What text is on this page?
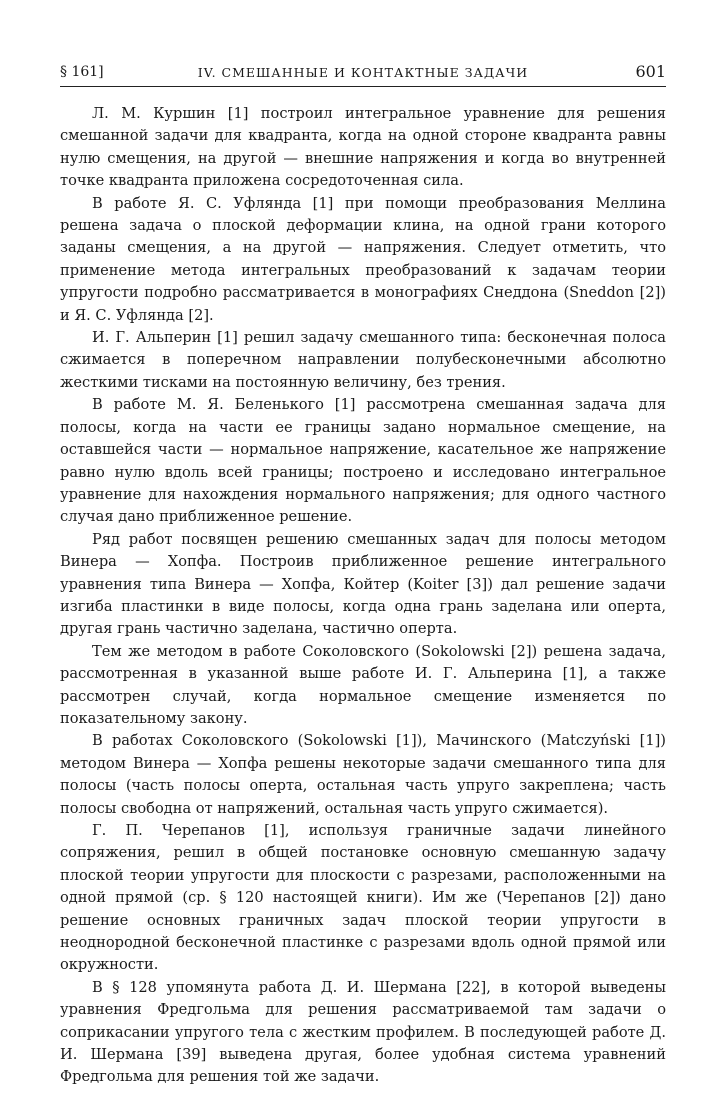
§ 161]	IV. СМЕШАННЫЕ И КОНТАКТНЫЕ ЗАДАЧИ	601

Л. М. Куршин [1] построил интегральное уравнение для решения смешанной задачи для квадранта, когда на одной стороне квадранта равны нулю смещения, на другой — внешние напряжения и когда во внутренней точке квадранта приложена сосредоточенная сила.

В работе Я. С. Уфлянда [1] при помощи преобразования Меллина решена задача о плоской деформации клина, на одной грани которого заданы смещения, а на другой — напряжения. Следует отметить, что применение метода интегральных преобразований к задачам теории упругости подробно рассматривается в монографиях Снеддона (Sneddon [2]) и Я. С. Уфлянда [2].

И. Г. Альперин [1] решил задачу смешанного типа: бесконечная полоса сжимается в поперечном направлении полубесконечными абсолютно жесткими тисками на постоянную величину, без трения.

В работе М. Я. Беленького [1] рассмотрена смешанная задача для полосы, когда на части ее границы задано нормальное смещение, на оставшейся части — нормальное напряжение, касательное же напряжение равно нулю вдоль всей границы; построено и исследовано интегральное уравнение для нахождения нормального напряжения; для одного частного случая дано приближенное решение.

Ряд работ посвящен решению смешанных задач для полосы методом Винера — Хопфа. Построив приближенное решение интегрального уравнения типа Винера — Хопфа, Койтер (Koiter [3]) дал решение задачи изгиба пластинки в виде полосы, когда одна грань заделана или оперта, другая грань частично заделана, частично оперта.

Тем же методом в работе Соколовского (Sokolowski [2]) решена задача, рассмотренная в указанной выше работе И. Г. Альперина [1], а также рассмотрен случай, когда нормальное смещение изменяется по показательному закону.

В работах Соколовского (Sokolowski [1]), Мачинского (Matczyński [1]) методом Винера — Хопфа решены некоторые задачи смешанного типа для полосы (часть полосы оперта, остальная часть упруго закреплена; часть полосы свободна от напряжений, остальная часть упруго сжимается).

Г. П. Черепанов [1], используя граничные задачи линейного сопряжения, решил в общей постановке основную смешанную задачу плоской теории упругости для плоскости с разрезами, расположенными на одной прямой (ср. § 120 настоящей книги). Им же (Черепанов [2]) дано решение основных граничных задач плоской теории упругости в неоднородной бесконечной пластинке с разрезами вдоль одной прямой или окружности.

В § 128 упомянута работа Д. И. Шермана [22], в которой выведены уравнения Фредгольма для решения рассматриваемой там задачи о соприкасании упругого тела с жестким профилем. В последующей работе Д. И. Шермана [39] выведена другая, более удобная система уравнений Фредгольма для решения той же задачи.
